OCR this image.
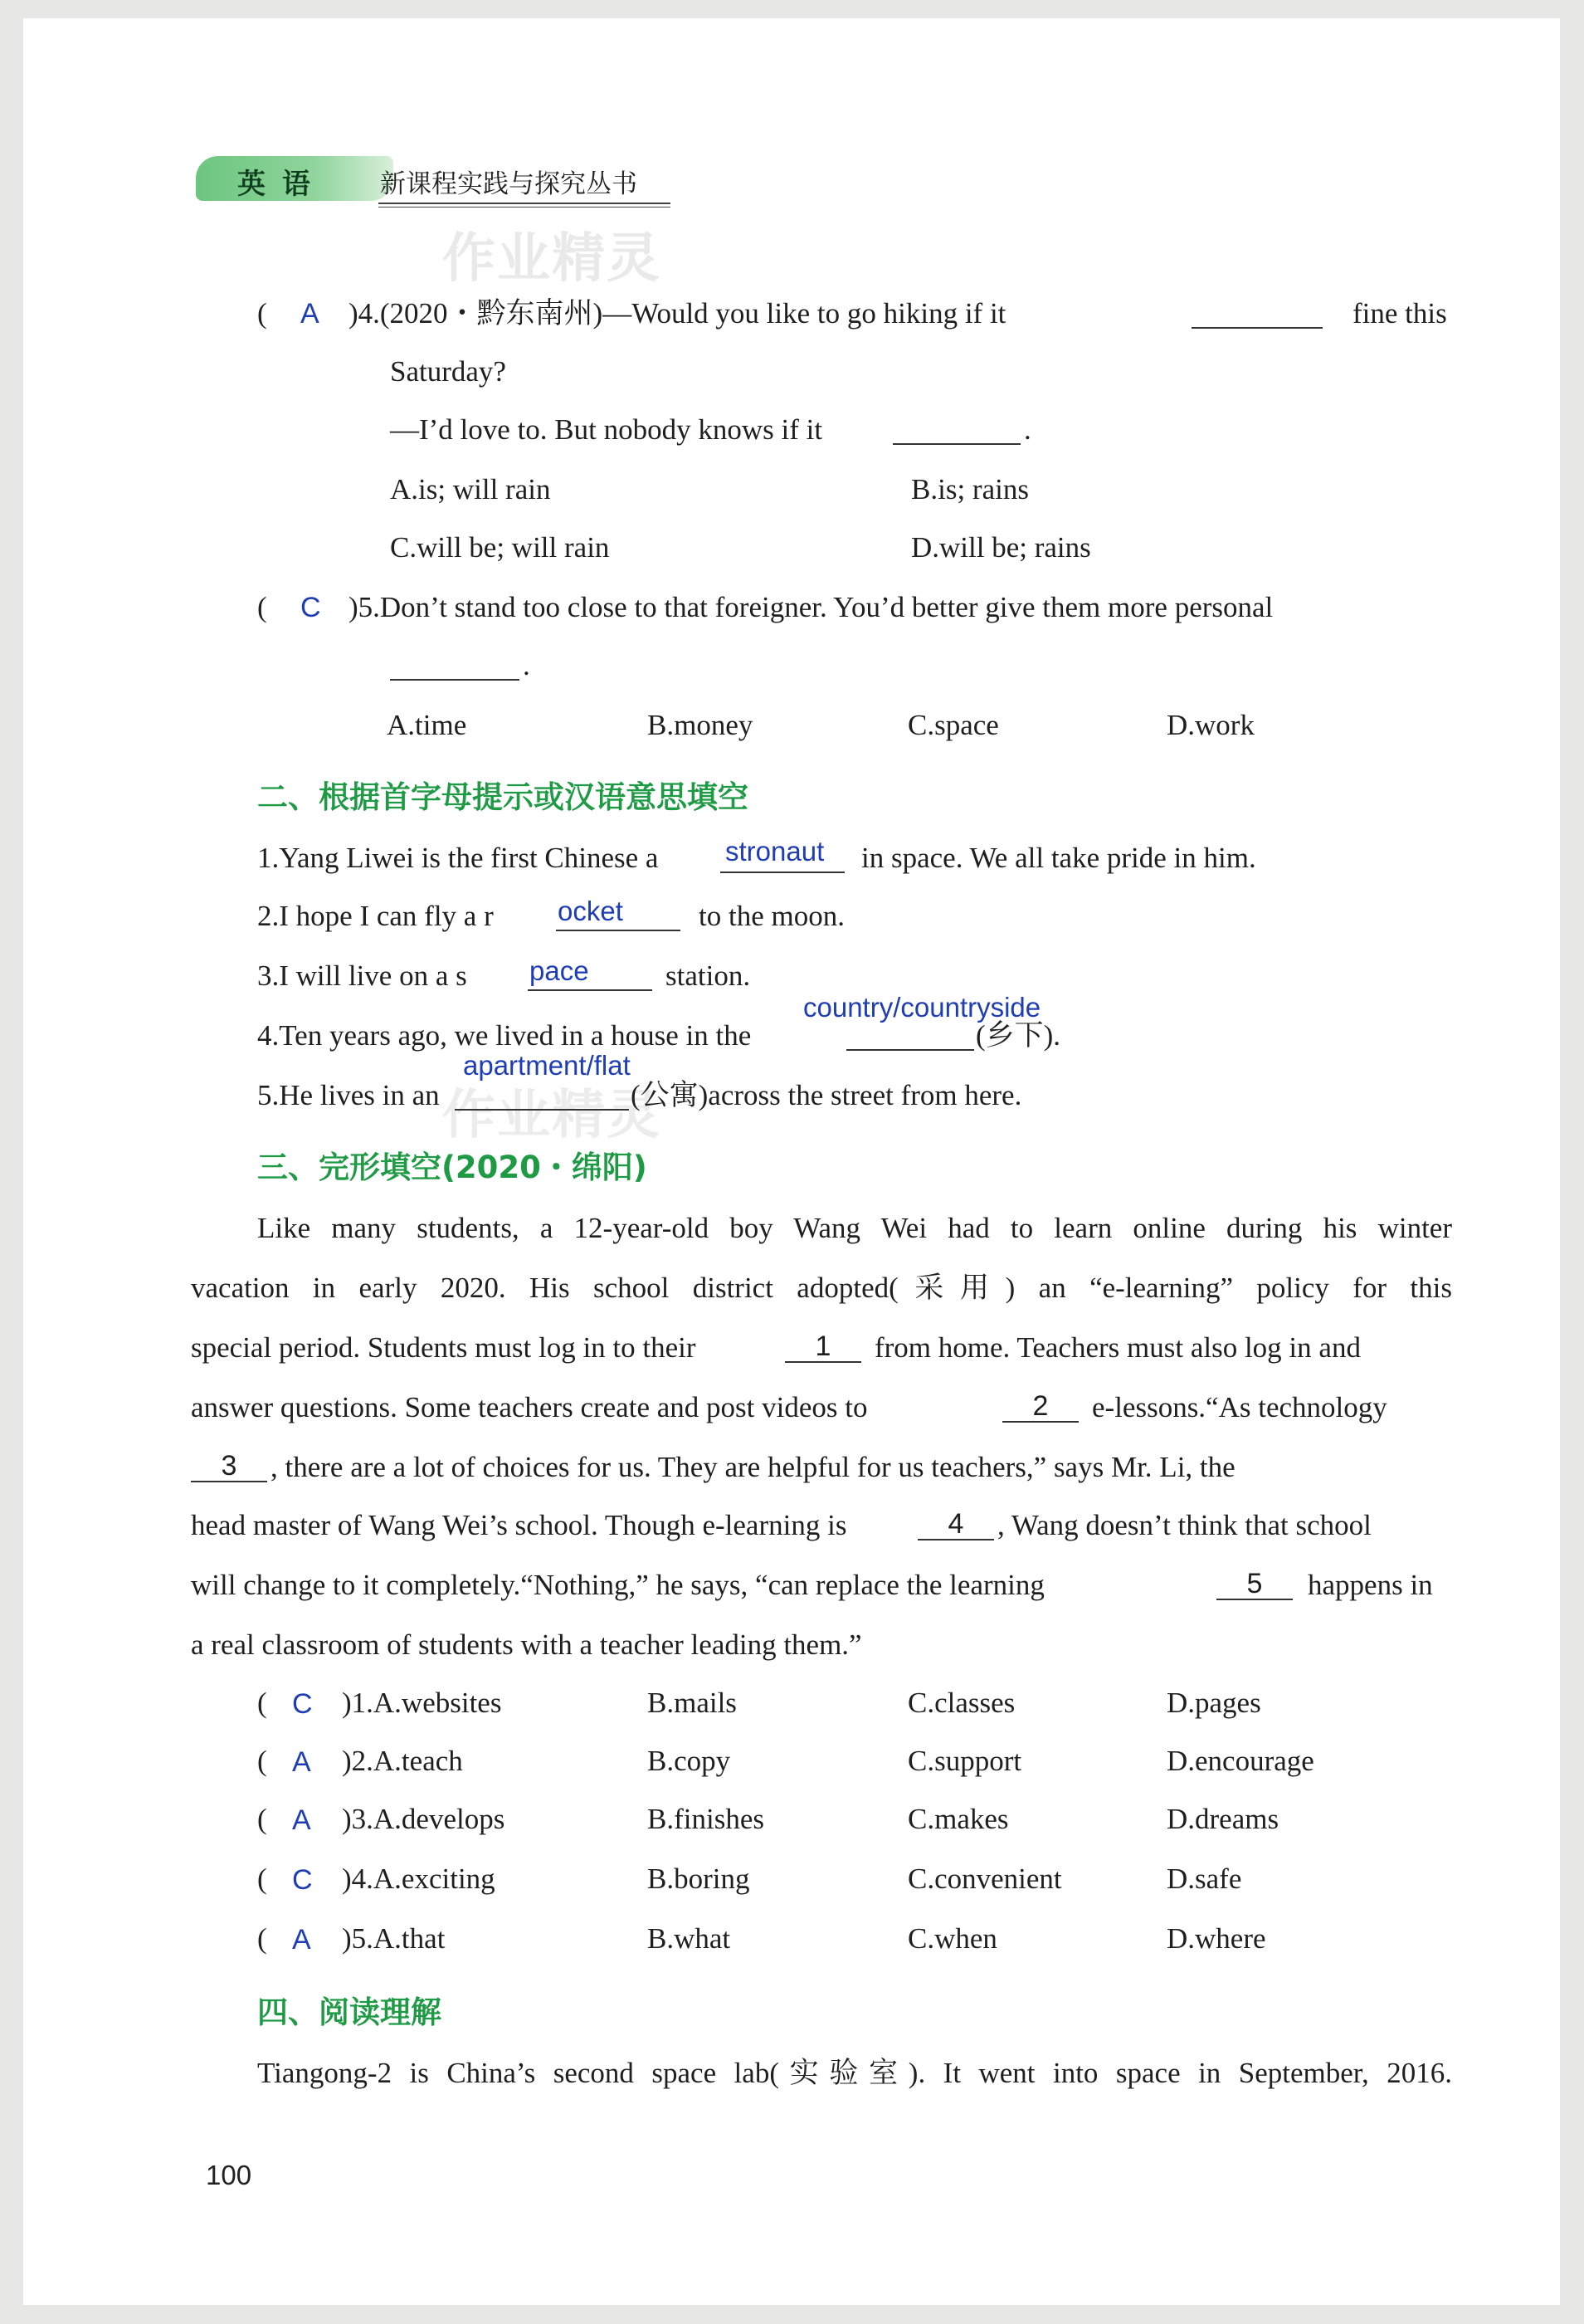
英 语	新课程实践与探究丛书
作业精灵
作业精灵
( A )4.(2020・黔东南州)—Would you like to go hiking if it	fine this
Saturday?
—I’d love to. But nobody knows if it	.
A.is; will rain	B.is; rains
C.will be; will rain	D.will be; rains
( C )5.Don’t stand too close to that foreigner. You’d better give them more personal
.
A.time	B.money	C.space	D.work
二、根据首字母提示或汉语意思填空
1.Yang Liwei is the first Chinese a stronaut in space. We all take pride in him.
2.I hope I can fly a r ocket	to the moon.
3.I will live on a s pace	station.
4.Ten years ago, we lived in a house in the
country/countryside
(乡下).
5.He lives in an
apartment/flat
(公寓)across the street from here.
三、完形填空(2020・绵阳)
Like many students, a 12-year-old boy Wang Wei had to learn online during his winter
vacation in early 2020. His school district adopted(采用) an “e-learning” policy for this
special period. Students must log in to their	1	from home. Teachers must also log in and
answer questions. Some teachers create and post videos to	2	e-lessons.“As technology
3	, there are a lot of choices for us. They are helpful for us teachers,” says Mr. Li, the
head master of Wang Wei’s school. Though e-learning is	4	, Wang doesn’t think that school
will change to it completely.“Nothing,” he says, “can replace the learning	5	happens in
a real classroom of students with a teacher leading them.”
( C )1.A.websites	B.mails	C.classes	D.pages
( A )2.A.teach	B.copy	C.support	D.encourage
( A )3.A.develops	B.finishes	C.makes	D.dreams
( C )4.A.exciting	B.boring	C.convenient	D.safe
( A )5.A.that	B.what	C.when	D.where
四、阅读理解
Tiangong-2 is China’s second space lab(实验室). It went into space in September, 2016.
100
